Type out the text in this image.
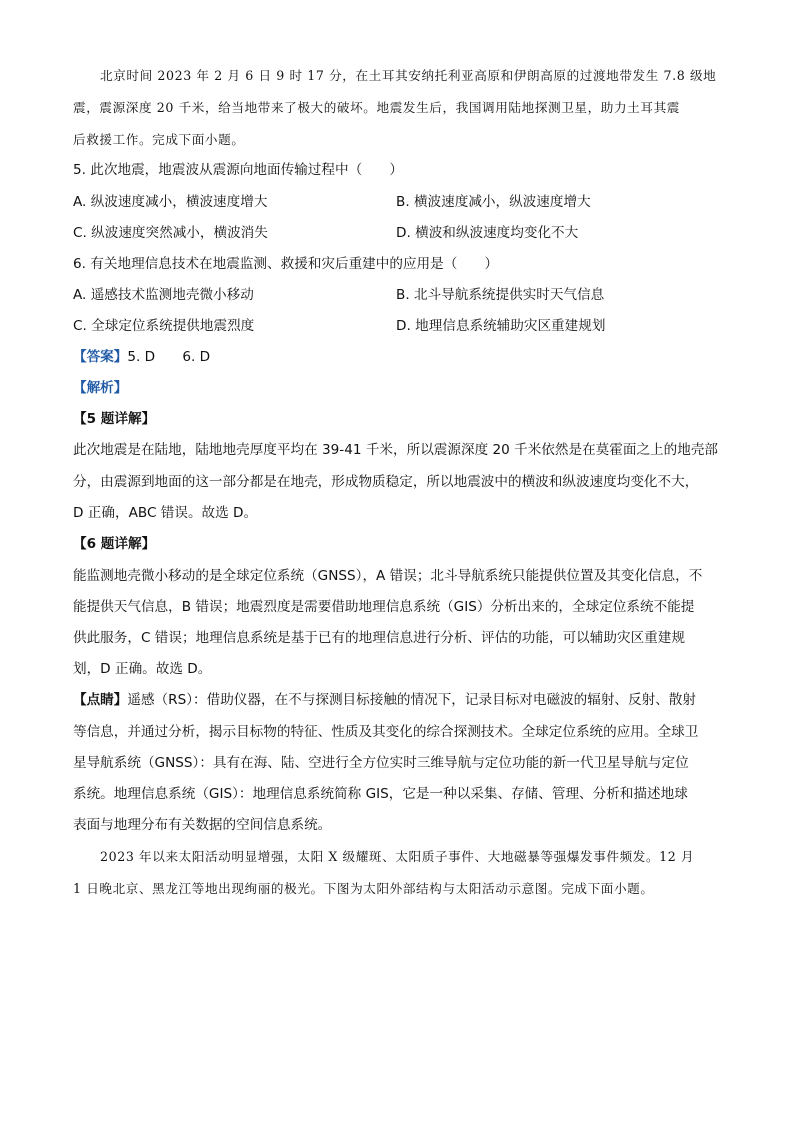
北京时间 2023 年 2 月 6 日 9 时 17 分，在土耳其安纳托利亚高原和伊朗高原的过渡地带发生 7.8 级地
震，震源深度 20 千米，给当地带来了极大的破坏。地震发生后，我国调用陆地探测卫星，助力土耳其震
后救援工作。完成下面小题。
5. 此次地震，地震波从震源向地面传输过程中（　　）
A. 纵波速度减小，横波速度增大	B. 横波速度减小，纵波速度增大
C. 纵波速度突然减小，横波消失	D. 横波和纵波速度均变化不大
6. 有关地理信息技术在地震监测、救援和灾后重建中的应用是（　　）
A. 遥感技术监测地壳微小移动	B. 北斗导航系统提供实时天气信息
C. 全球定位系统提供地震烈度	D. 地理信息系统辅助灾区重建规划
【答案】5. D　　6. D
【解析】
【5 题详解】
此次地震是在陆地，陆地地壳厚度平均在 39-41 千米，所以震源深度 20 千米依然是在莫霍面之上的地壳部
分，由震源到地面的这一部分都是在地壳，形成物质稳定，所以地震波中的横波和纵波速度均变化不大，
D 正确，ABC 错误。故选 D。
【6 题详解】
能监测地壳微小移动的是全球定位系统（GNSS），A 错误；北斗导航系统只能提供位置及其变化信息，不
能提供天气信息，B 错误；地震烈度是需要借助地理信息系统（GIS）分析出来的，全球定位系统不能提
供此服务，C 错误；地理信息系统是基于已有的地理信息进行分析、评估的功能，可以辅助灾区重建规
划，D 正确。故选 D。
【点睛】遥感（RS）：借助仪器，在不与探测目标接触的情况下，记录目标对电磁波的辐射、反射、散射
等信息，并通过分析，揭示目标物的特征、性质及其变化的综合探测技术。全球定位系统的应用。全球卫
星导航系统（GNSS）：具有在海、陆、空进行全方位实时三维导航与定位功能的新一代卫星导航与定位
系统。地理信息系统（GIS）：地理信息系统简称 GIS，它是一种以采集、存储、管理、分析和描述地球
表面与地理分布有关数据的空间信息系统。
2023 年以来太阳活动明显增强，太阳 X 级耀斑、太阳质子事件、大地磁暴等强爆发事件频发。12 月
1 日晚北京、黑龙江等地出现绚丽的极光。下图为太阳外部结构与太阳活动示意图。完成下面小题。
